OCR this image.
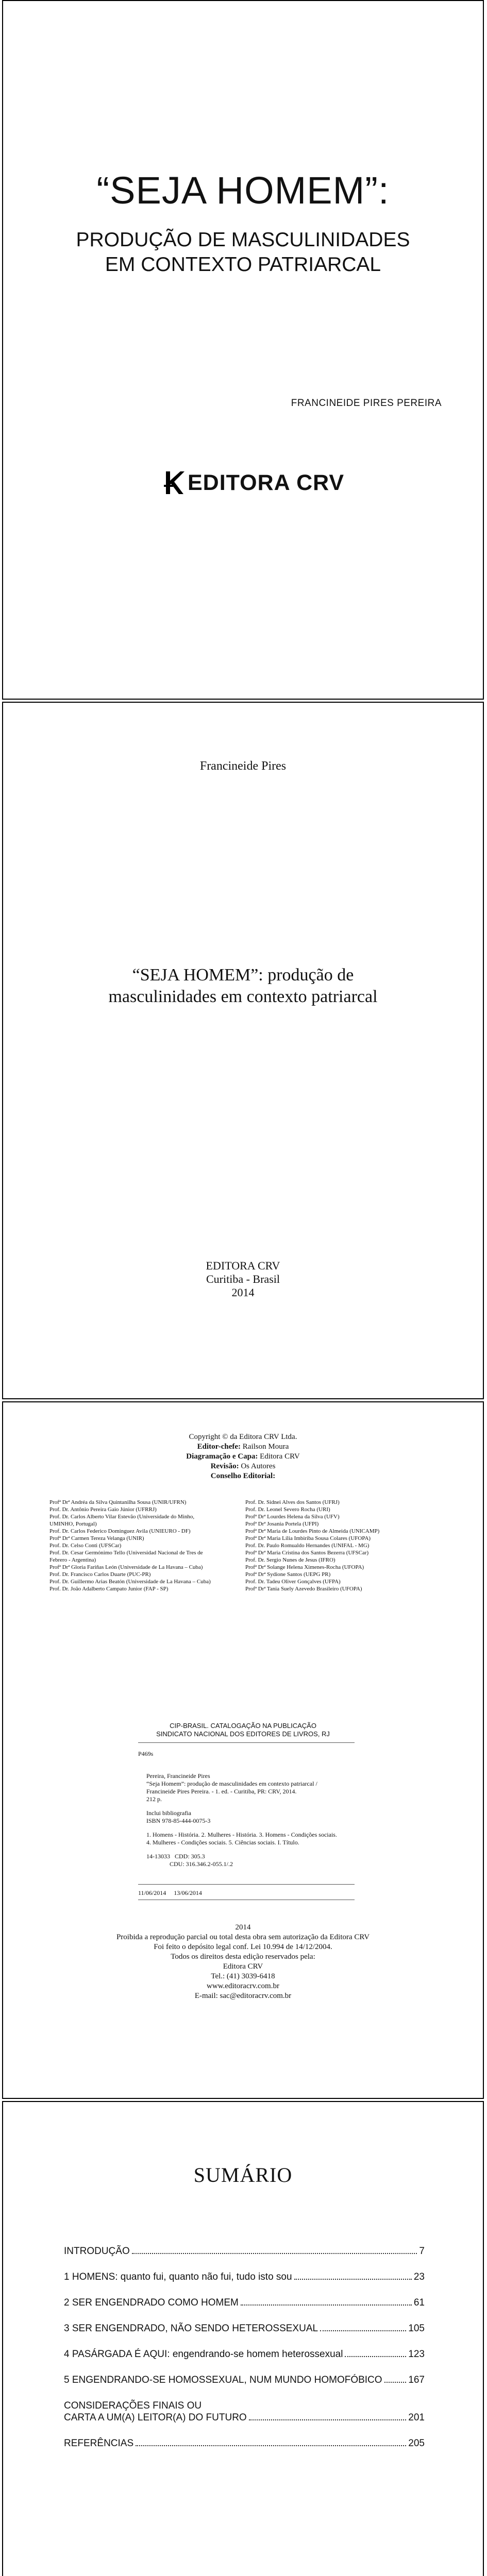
“SEJA HOMEM”:
PRODUÇÃO DE MASCULINIDADES
EM CONTEXTO PATRIARCAL
FRANCINEIDE PIRES PEREIRA
EDITORA CRV
Francineide Pires
“SEJA HOMEM”: produção de
masculinidades em contexto patriarcal
EDITORA CRV
Curitiba - Brasil
2014
Copyright © da Editora CRV Ltda.
Editor-chefe: Railson Moura
Diagramação e Capa: Editora CRV
Revisão: Os Autores
Conselho Editorial:
Profª Drª Andréa da Silva Quintanilha Sousa (UNIR/UFRN)	Prof. Dr. Sidnei Alves dos Santos (UFRJ)
Prof. Dr. Antônio Pereira Gaio Júnior (UFRRJ)	Prof. Dr. Leonel Severo Rocha (URI)
Prof. Dr. Carlos Alberto Vilar Estevão (Universidade do Minho,	Profª Drª Lourdes Helena da Silva (UFV)
UMINHO, Portugal)	Profª Drª Josania Portela (UFPI)
Prof. Dr. Carlos Federico Dominguez Avila (UNIEURO - DF)	Profª Drª Maria de Lourdes Pinto de Almeida (UNICAMP)
Profª Drª Carmen Tereza Velanga (UNIR)	Profª Drª Maria Lília Imbiriba Sousa Colares (UFOPA)
Prof. Dr. Celso Conti (UFSCar)	Prof. Dr. Paulo Romualdo Hernandes (UNIFAL - MG)
Prof. Dr. Cesar Germónimo Tello (Universidad Nacional de Tres de	Profª Drª Maria Cristina dos Santos Bezerra (UFSCar)
Febrero - Argentina)	Prof. Dr. Sergio Nunes de Jesus (IFRO)
Profª Drª Gloria Fariñas León (Universidade de La Havana – Cuba)	Profª Drª Solange Helena Ximenes-Rocha (UFOPA)
Prof. Dr. Francisco Carlos Duarte (PUC-PR)	Profª Drª Sydione Santos (UEPG PR)
Prof. Dr. Guillermo Arias Beatón (Universidade de La Havana – Cuba)	Prof. Dr. Tadeu Oliver Gonçalves (UFPA)
Prof. Dr. João Adalberto Campato Junior (FAP - SP)	Profª Drª Tania Suely Azevedo Brasileiro (UFOPA)
CIP-BRASIL. CATALOGAÇÃO NA PUBLICAÇÃO
SINDICATO NACIONAL DOS EDITORES DE LIVROS, RJ
P469s

Pereira, Francineide Pires

“Seja Homem”: produção de masculinidades em contexto patriarcal /

Francineide Pires Pereira. - 1. ed. - Curitiba, PR: CRV, 2014.

212 p.

Inclui bibliografia

ISBN 978-85-444-0075-3

1. Homens - História. 2. Mulheres - História. 3. Homens - Condições sociais.

4. Mulheres - Condições sociais. 5. Ciências sociais. I. Título.

14-13033   CDD: 305.3

CDU: 316.346.2-055.1/.2

11/06/2014     13/06/2014
2014
Proibida a reprodução parcial ou total desta obra sem autorização da Editora CRV
Foi feito o depósito legal conf. Lei 10.994 de 14/12/2004.
Todos os direitos desta edição reservados pela:
Editora CRV
Tel.: (41) 3039-6418
www.editoracrv.com.br
E-mail: sac@editoracrv.com.br
SUMÁRIO
INTRODUÇÃO	7
1 HOMENS: quanto fui, quanto não fui, tudo isto sou	23
2 SER ENGENDRADO COMO HOMEM	61
3 SER ENGENDRADO, NÃO SENDO HETEROSSEXUAL	105
4 PASÁRGADA É AQUI: engendrando-se homem heterossexual	123
5 ENGENDRANDO-SE HOMOSSEXUAL, NUM MUNDO HOMOFÓBICO	167
CONSIDERAÇÕES FINAIS OU
CARTA A UM(A) LEITOR(A) DO FUTURO	201
REFERÊNCIAS	205
